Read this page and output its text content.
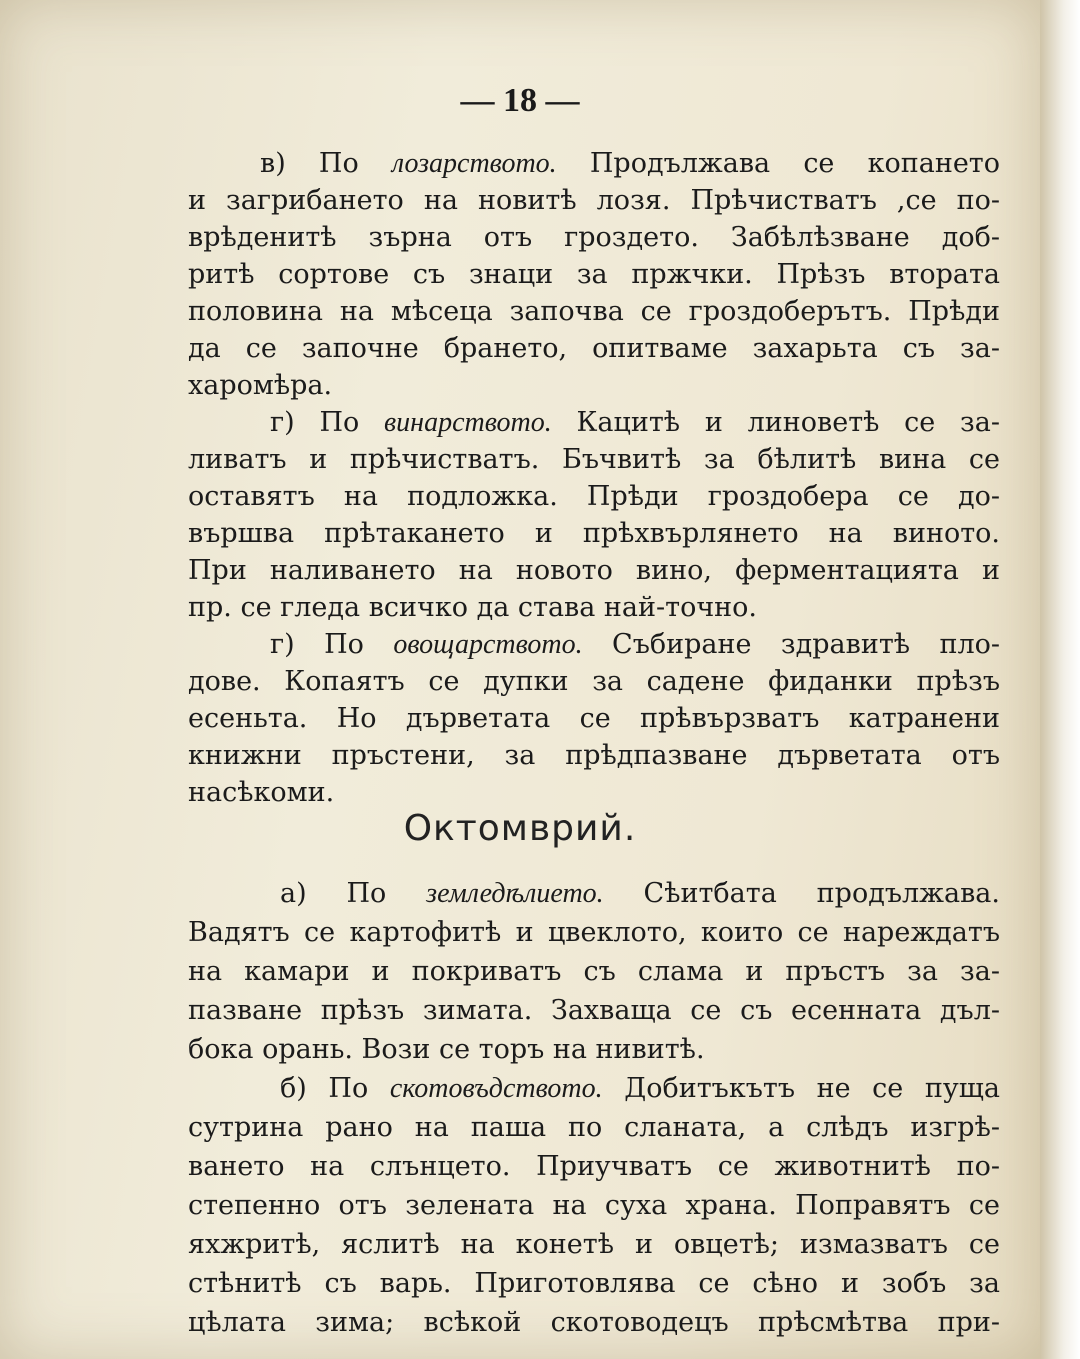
— 18 —
в) По лозарството. Продължава се копането
и загрибането на новитѣ лозя. Прѣчистватъ ,се по-
врѣденитѣ зърна отъ гроздето. Забѣлѣзване доб-
ритѣ сортове съ знаци за пржчки. Прѣзъ втората
половина на мѣсеца започва се гроздоберътъ. Прѣди
да се започне брането, опитваме захарьта съ за-
харомѣра.
г) По винарството. Кацитѣ и линоветѣ се за-
ливатъ и прѣчистватъ. Бъчвитѣ за бѣлитѣ вина се
оставятъ на подложка. Прѣди гроздобера се до-
вършва прѣтаканетo и прѣхвърлянето на виното.
При наливането на новото вино, ферментацията и
пр. се гледа всичко да става най-точно.
г) По овощарството. Събиране здравитѣ пло-
дове. Копаятъ се дупки за садене фиданки прѣзъ
есеньта. Но дърветата се прѣвързватъ катранени
книжни пръстени, за прѣдпазване дърветата отъ
насѣкоми.
Октомврий.
а) По земледѣлието. Сѣитбата продължава.
Вадятъ се картофитѣ и цвеклото, които се нареждатъ
на камари и покриватъ съ слама и пръстъ за за-
пазване прѣзъ зимата. Захваща се съ есенната дъл-
бока орань. Вози се торъ на нивитѣ.
б) По скотовъдството. Добитъкътъ не се пуща
сутрина рано на паша по сланата, а слѣдъ изгрѣ-
ването на слънцето. Приучватъ се животнитѣ по-
степенно отъ зелената на суха храна. Поправятъ се
яхжритѣ, яслитѣ на конетѣ и овцетѣ; измазватъ се
стѣнитѣ съ варь. Приготовлява се сѣно и зобъ за
цѣлата зима; всѣкой скотоводецъ прѣсмѣтва при-
